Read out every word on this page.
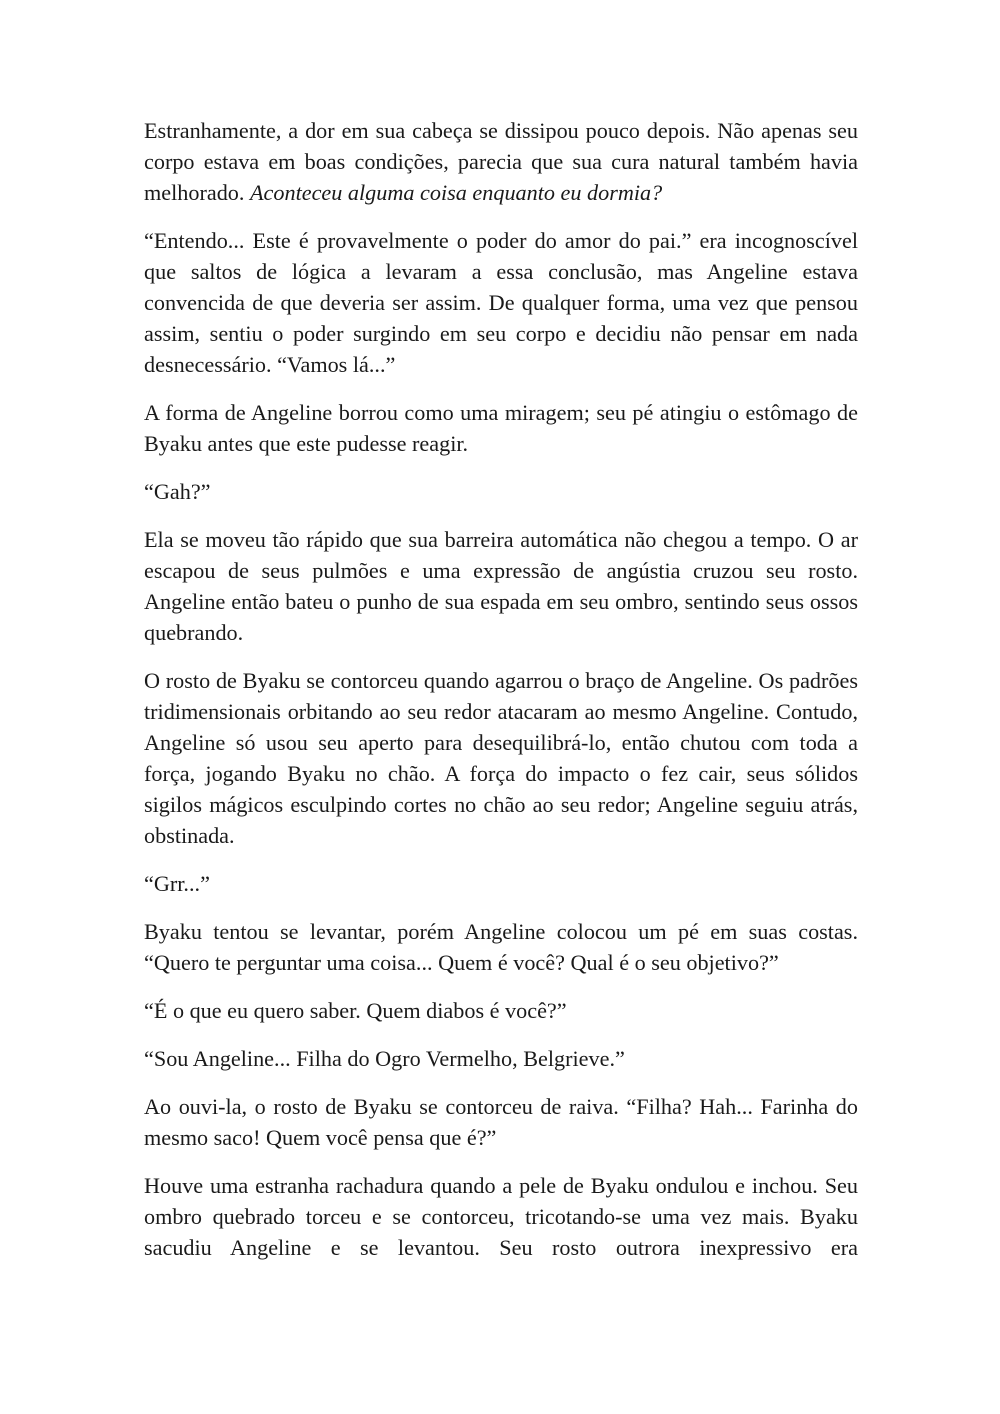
Estranhamente, a dor em sua cabeça se dissipou pouco depois. Não apenas seu corpo estava em boas condições, parecia que sua cura natural também havia melhorado. Aconteceu alguma coisa enquanto eu dormia?

“Entendo... Este é provavelmente o poder do amor do pai.” era incognoscível que saltos de lógica a levaram a essa conclusão, mas Angeline estava convencida de que deveria ser assim. De qualquer forma, uma vez que pensou assim, sentiu o poder surgindo em seu corpo e decidiu não pensar em nada desnecessário. “Vamos lá...”

A forma de Angeline borrou como uma miragem; seu pé atingiu o estômago de Byaku antes que este pudesse reagir.

“Gah?”

Ela se moveu tão rápido que sua barreira automática não chegou a tempo. O ar escapou de seus pulmões e uma expressão de angústia cruzou seu rosto. Angeline então bateu o punho de sua espada em seu ombro, sentindo seus ossos quebrando.

O rosto de Byaku se contorceu quando agarrou o braço de Angeline. Os padrões tridimensionais orbitando ao seu redor atacaram ao mesmo Angeline. Contudo, Angeline só usou seu aperto para desequilibrá-lo, então chutou com toda a força, jogando Byaku no chão. A força do impacto o fez cair, seus sólidos sigilos mágicos esculpindo cortes no chão ao seu redor; Angeline seguiu atrás, obstinada.

“Grr...”

Byaku tentou se levantar, porém Angeline colocou um pé em suas costas. “Quero te perguntar uma coisa... Quem é você? Qual é o seu objetivo?”

“É o que eu quero saber. Quem diabos é você?”

“Sou Angeline... Filha do Ogro Vermelho, Belgrieve.”

Ao ouvi-la, o rosto de Byaku se contorceu de raiva. “Filha? Hah... Farinha do mesmo saco! Quem você pensa que é?”

Houve uma estranha rachadura quando a pele de Byaku ondulou e inchou. Seu ombro quebrado torceu e se contorceu, tricotando-se uma vez mais. Byaku sacudiu Angeline e se levantou. Seu rosto outrora inexpressivo era
